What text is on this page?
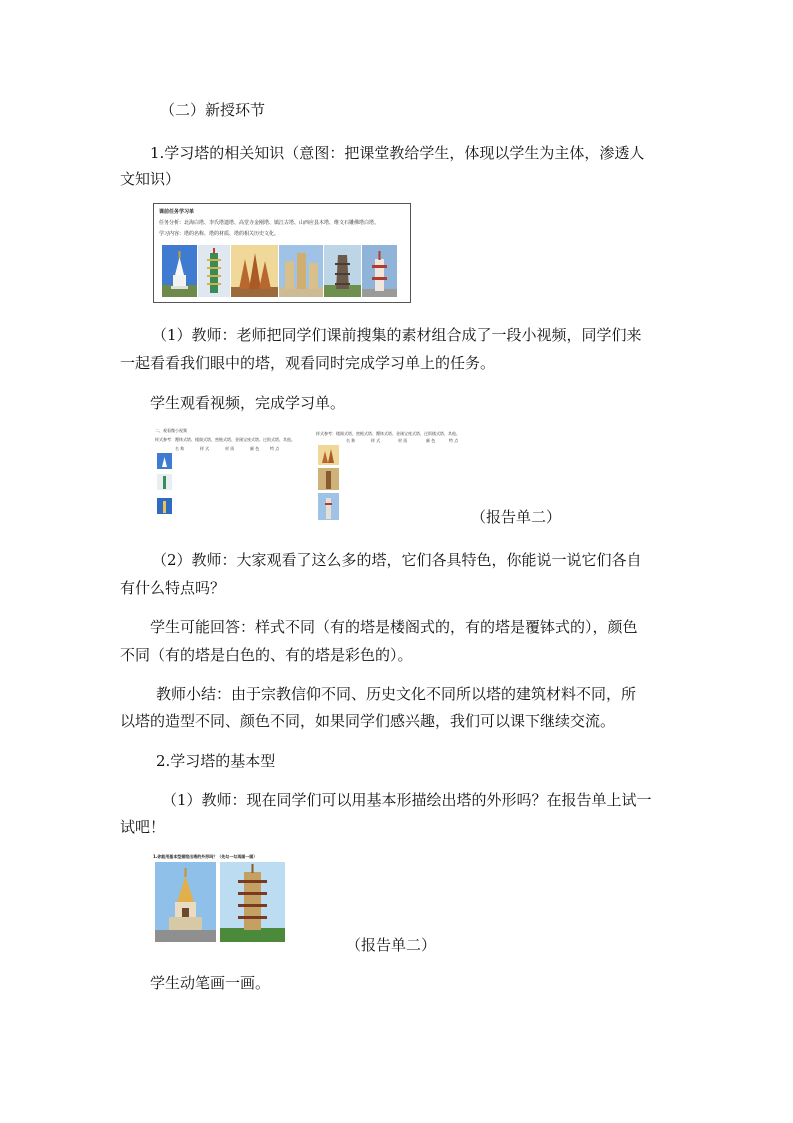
（二）新授环节
1.学习塔的相关知识（意图：把课堂教给学生，体现以学生为主体，渗透人
文知识）
课前任务学习单
任务分析：北海白塔、李氏塔遗塔、高堂寺金刚塔、镇江古塔、山西应县木塔、维文石雕佛塔白塔。
学习内容：塔的名称、塔的材质、塔的相关历史文化。
（1）教师：老师把同学们课前搜集的素材组合成了一段小视频，同学们来
一起看看我们眼中的塔，观看同时完成学习单上的任务。
学生观看视频，完成学习单。
二、观看微小视频
样式参考：覆钵式塔、楼阁式塔、密檐式塔、金刚宝座式塔、过街式塔、其他。
名 称	样 式	材 质	颜 色	特 点
样式参考：楼阁式塔、密檐式塔、覆钵式塔、金刚宝座式塔、过街楼式塔、其他。
名 称	样 式	材 质	颜 色	特 点
（报告单二）
（2）教师：大家观看了这么多的塔，它们各具特色，你能说一说它们各自
有什么特点吗？
学生可能回答：样式不同（有的塔是楼阁式的，有的塔是覆钵式的），颜色
不同（有的塔是白色的、有的塔是彩色的）。
教师小结：由于宗教信仰不同、历史文化不同所以塔的建筑材料不同，所
以塔的造型不同、颜色不同，如果同学们感兴趣，我们可以课下继续交流。
2.学习塔的基本型
（1）教师：现在同学们可以用基本形描绘出塔的外形吗？在报告单上试一
试吧！
1.你能用基本型描绘出塔的外形吗？（先勾一勾再画一画）
（报告单二）
学生动笔画一画。
